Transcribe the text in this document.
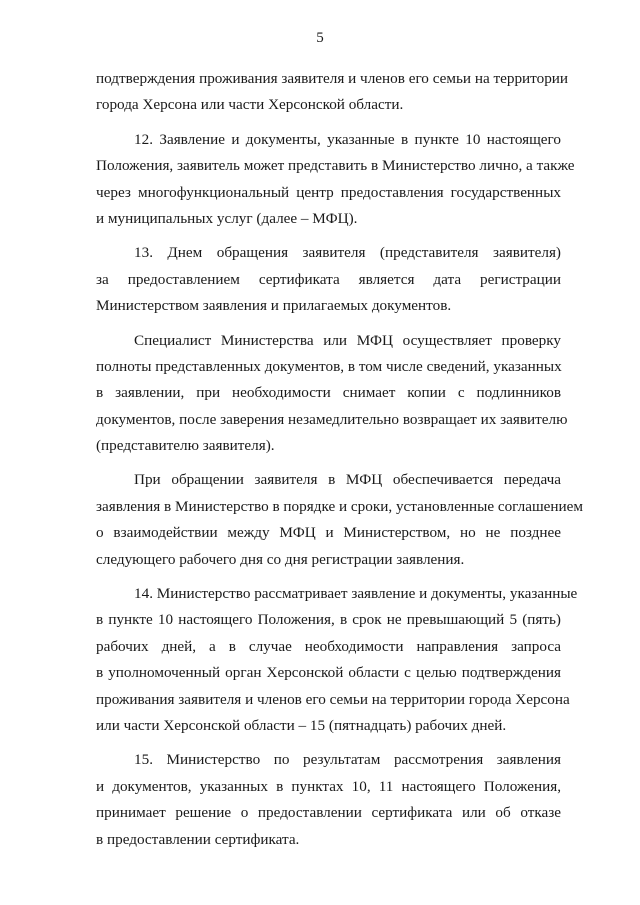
5
подтверждения проживания заявителя и членов его семьи на территории
города Херсона или части Херсонской области.
12. Заявление и документы, указанные в пункте 10 настоящего
Положения, заявитель может представить в Министерство лично, а также
через многофункциональный центр предоставления государственных
и муниципальных услуг (далее – МФЦ).
13. Днем обращения заявителя (представителя заявителя)
за предоставлением сертификата является дата регистрации
Министерством заявления и прилагаемых документов.
Специалист Министерства или МФЦ осуществляет проверку
полноты представленных документов, в том числе сведений, указанных
в заявлении, при необходимости снимает копии с подлинников
документов, после заверения незамедлительно возвращает их заявителю
(представителю заявителя).
При обращении заявителя в МФЦ обеспечивается передача
заявления в Министерство в порядке и сроки, установленные соглашением
о взаимодействии между МФЦ и Министерством, но не позднее
следующего рабочего дня со дня регистрации заявления.
14. Министерство рассматривает заявление и документы, указанные
в пункте 10 настоящего Положения, в срок не превышающий 5 (пять)
рабочих дней, а в случае необходимости направления запроса
в уполномоченный орган Херсонской области с целью подтверждения
проживания заявителя и членов его семьи на территории города Херсона
или части Херсонской области – 15 (пятнадцать) рабочих дней.
15. Министерство по результатам рассмотрения заявления
и документов, указанных в пунктах 10, 11 настоящего Положения,
принимает решение о предоставлении сертификата или об отказе
в предоставлении сертификата.
